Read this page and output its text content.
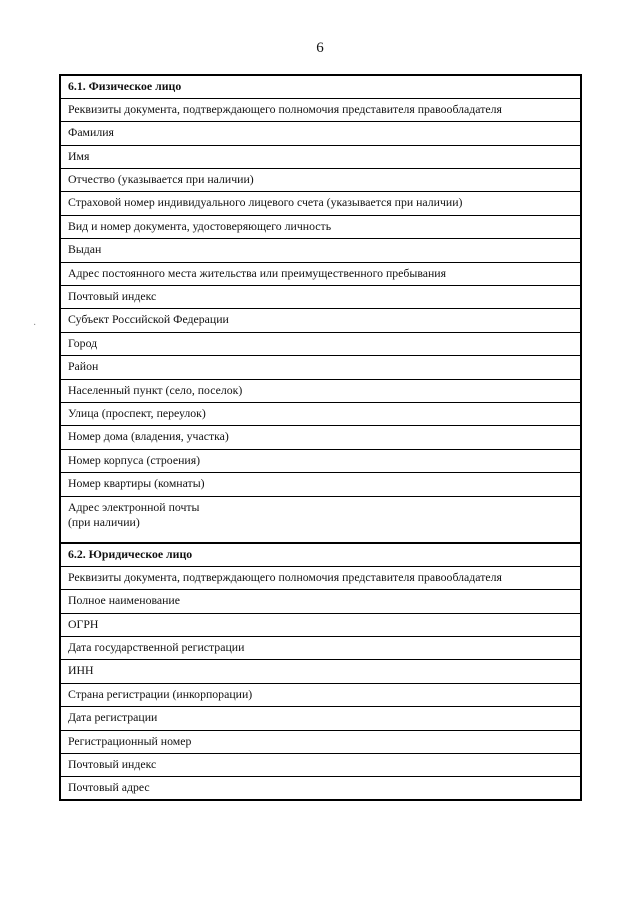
6
·
6.1. Физическое лицо
Реквизиты документа, подтверждающего полномочия представителя правообладателя
Фамилия
Имя
Отчество (указывается при наличии)
Страховой номер индивидуального лицевого счета (указывается при наличии)
Вид и номер документа, удостоверяющего личность
Выдан
Адрес постоянного места жительства или преимущественного пребывания
Почтовый индекс
Субъект Российской Федерации
Город
Район
Населенный пункт (село, поселок)
Улица (проспект, переулок)
Номер дома (владения, участка)
Номер корпуса (строения)
Номер квартиры (комнаты)

Адрес электронной почты
(при наличии)

6.2. Юридическое лицо
Реквизиты документа, подтверждающего полномочия представителя правообладателя
Полное наименование
ОГРН
Дата государственной регистрации
ИНН
Страна регистрации (инкорпорации)
Дата регистрации
Регистрационный номер
Почтовый индекс
Почтовый адрес
